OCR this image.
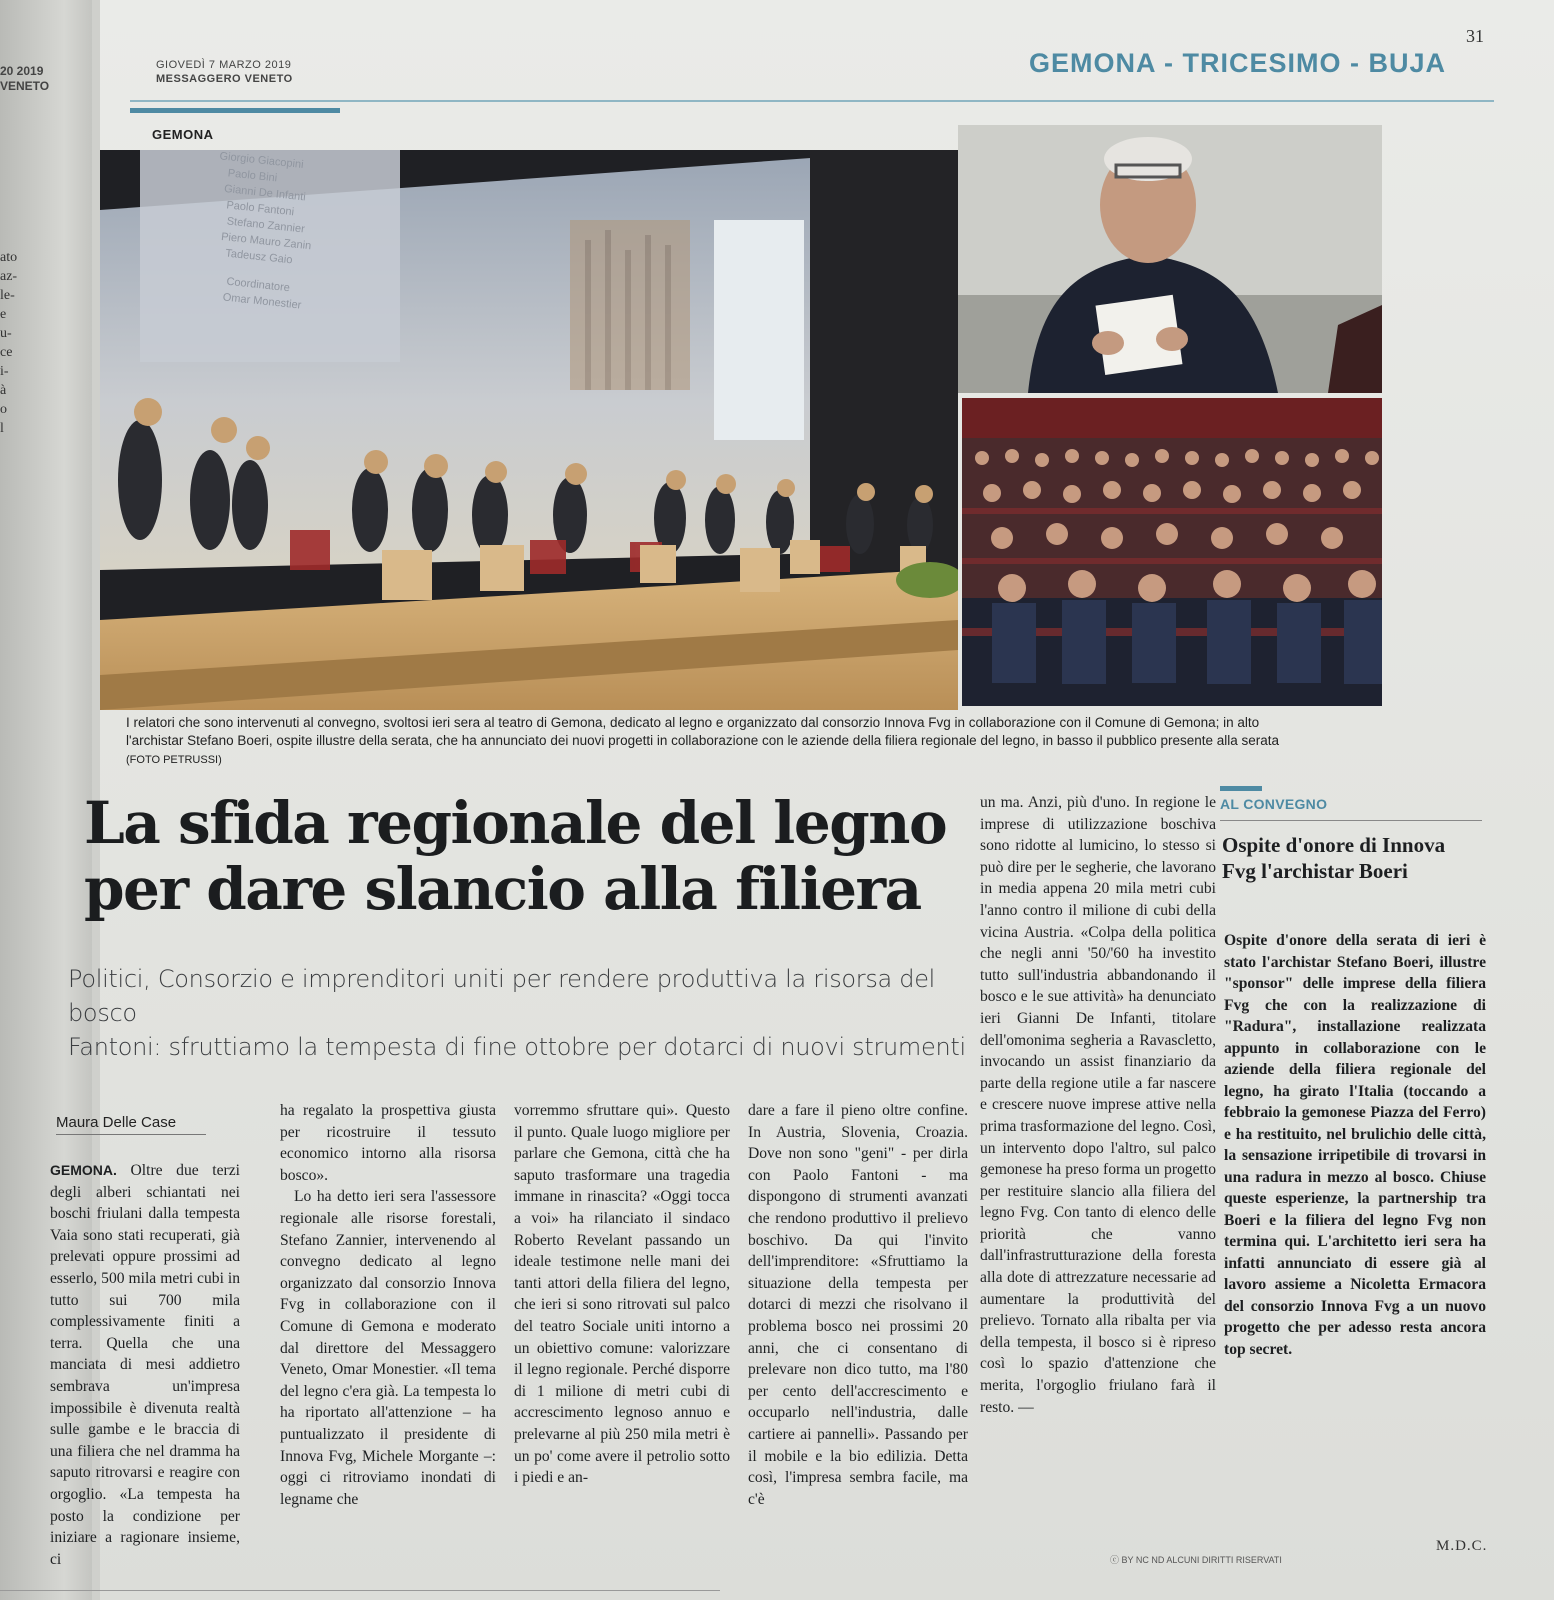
20 2019
VENETO
ato
az-
le-
e
u-
ce
i-
à
o
l
GIOVEDÌ 7 MARZO 2019
MESSAGGERO VENETO
31
GEMONA - TRICESIMO - BUJA
GEMONA
Giorgio Giacopini
Paolo Bini
Gianni De Infanti
Paolo Fantoni
Stefano Zannier
Piero Mauro Zanin
Tadeusz Gaio
Coordinatore
Omar Monestier
I relatori che sono intervenuti al convegno, svoltosi ieri sera al teatro di Gemona, dedicato al legno e organizzato dal consorzio Innova Fvg in collaborazione con il Comune di Gemona; in alto l'archistar Stefano Boeri, ospite illustre della serata, che ha annunciato dei nuovi progetti in collaborazione con le aziende della filiera regionale del legno, in basso il pubblico presente alla serata (FOTO PETRUSSI)
La sfida regionale del legno
per dare slancio alla filiera
Politici, Consorzio e imprenditori uniti per rendere produttiva la risorsa del bosco
Fantoni: sfruttiamo la tempesta di fine ottobre per dotarci di nuovi strumenti
Maura Delle Case

GEMONA. Oltre due terzi degli alberi schiantati nei boschi friulani dalla tempesta Vaia sono stati recuperati, già prelevati oppure prossimi ad esserlo, 500 mila metri cubi in tutto sui 700 mila complessivamente finiti a terra. Quella che una manciata di mesi addietro sembrava un'impresa impossibile è divenuta realtà sulle gambe e le braccia di una filiera che nel dramma ha saputo ritrovarsi e reagire con orgoglio. «La tempesta ha posto la condizione per iniziare a ragionare insieme, ci

ha regalato la prospettiva giusta per ricostruire il tessuto economico intorno alla risorsa bosco».

Lo ha detto ieri sera l'assessore regionale alle risorse forestali, Stefano Zannier, intervenendo al convegno dedicato al legno organizzato dal consorzio Innova Fvg in collaborazione con il Comune di Gemona e moderato dal direttore del Messaggero Veneto, Omar Monestier. «Il tema del legno c'era già. La tempesta lo ha riportato all'attenzione – ha puntualizzato il presidente di Innova Fvg, Michele Morgante –: oggi ci ritroviamo inondati di legname che

vorremmo sfruttare qui». Questo il punto. Quale luogo migliore per parlare che Gemona, città che ha saputo trasformare una tragedia immane in rinascita? «Oggi tocca a voi» ha rilanciato il sindaco Roberto Revelant passando un ideale testimone nelle mani dei tanti attori della filiera del legno, che ieri si sono ritrovati sul palco del teatro Sociale uniti intorno a un obiettivo comune: valorizzare il legno regionale. Perché disporre di 1 milione di metri cubi di accrescimento legnoso annuo e prelevarne al più 250 mila metri è un po' come avere il petrolio sotto i piedi e an-

dare a fare il pieno oltre confine. In Austria, Slovenia, Croazia. Dove non sono "geni" - per dirla con Paolo Fantoni - ma dispongono di strumenti avanzati che rendono produttivo il prelievo boschivo. Da qui l'invito dell'imprenditore: «Sfruttiamo la situazione della tempesta per dotarci di mezzi che risolvano il problema bosco nei prossimi 20 anni, che ci consentano di prelevare non dico tutto, ma l'80 per cento dell'accrescimento e occuparlo nell'industria, dalle cartiere ai pannelli». Passando per il mobile e la bio edilizia. Detta così, l'impresa sembra facile, ma c'è

un ma. Anzi, più d'uno. In regione le imprese di utilizzazione boschiva sono ridotte al lumicino, lo stesso si può dire per le segherie, che lavorano in media appena 20 mila metri cubi l'anno contro il milione di cubi della vicina Austria. «Colpa della politica che negli anni '50/'60 ha investito tutto sull'industria abbandonando il bosco e le sue attività» ha denunciato ieri Gianni De Infanti, titolare dell'omonima segheria a Ravascletto, invocando un assist finanziario da parte della regione utile a far nascere e crescere nuove imprese attive nella prima trasformazione del legno. Così, un intervento dopo l'altro, sul palco gemonese ha preso forma un progetto per restituire slancio alla filiera del legno Fvg. Con tanto di elenco delle priorità che vanno dall'infrastrutturazione della foresta alla dote di attrezzature necessarie ad aumentare la produttività del prelievo. Tornato alla ribalta per via della tempesta, il bosco si è ripreso così lo spazio d'attenzione che merita, l'orgoglio friulano farà il resto. —

AL CONVEGNO
Ospite d'onore di Innova Fvg l'archistar Boeri
Ospite d'onore della serata di ieri è stato l'archistar Stefano Boeri, illustre "sponsor" delle imprese della filiera Fvg che con la realizzazione di "Radura", installazione realizzata appunto in collaborazione con le aziende della filiera regionale del legno, ha girato l'Italia (toccando a febbraio la gemonese Piazza del Ferro) e ha restituito, nel brulichio delle città, la sensazione irripetibile di trovarsi in una radura in mezzo al bosco. Chiuse queste esperienze, la partnership tra Boeri e la filiera del legno Fvg non termina qui. L'architetto ieri sera ha infatti annunciato di essere già al lavoro assieme a Nicoletta Ermacora del consorzio Innova Fvg a un nuovo progetto che per adesso resta ancora top secret.
ⓒ BY NC ND ALCUNI DIRITTI RISERVATI
M.D.C.
